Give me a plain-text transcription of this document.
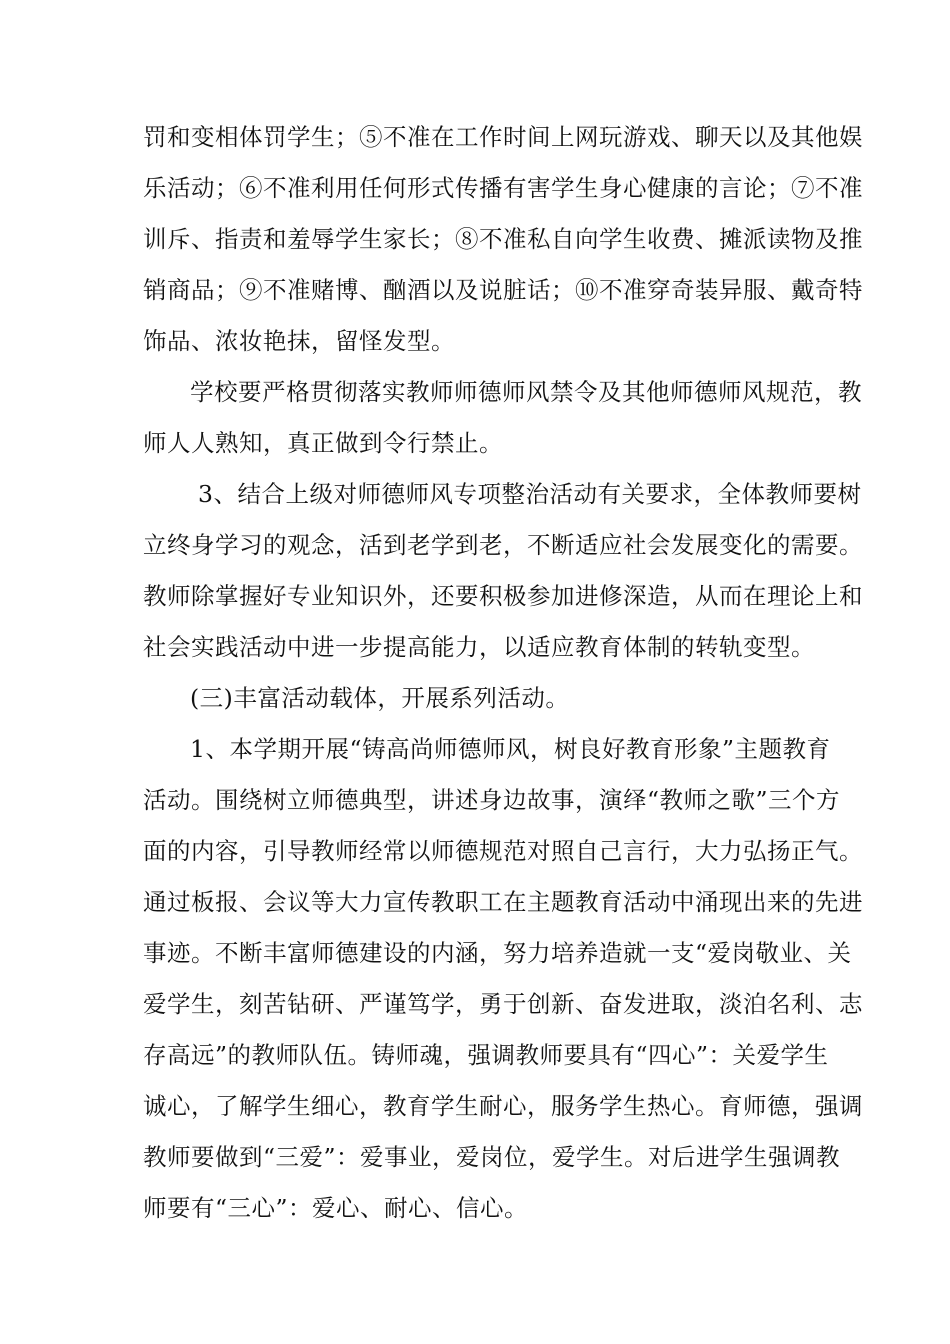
罚和变相体罚学生；⑤不准在工作时间上网玩游戏、聊天以及其他娱
乐活动；⑥不准利用任何形式传播有害学生身心健康的言论；⑦不准
训斥、指责和羞辱学生家长；⑧不准私自向学生收费、摊派读物及推
销商品；⑨不准赌博、酗酒以及说脏话；⑩不准穿奇装异服、戴奇特
饰品、浓妆艳抹，留怪发型。
学校要严格贯彻落实教师师德师风禁令及其他师德师风规范，教
师人人熟知，真正做到令行禁止。
3、结合上级对师德师风专项整治活动有关要求，全体教师要树
立终身学习的观念，活到老学到老，不断适应社会发展变化的需要。
教师除掌握好专业知识外，还要积极参加进修深造，从而在理论上和
社会实践活动中进一步提高能力，以适应教育体制的转轨变型。
(三)丰富活动载体，开展系列活动。
1、本学期开展“铸高尚师德师风，树良好教育形象”主题教育
活动。围绕树立师德典型，讲述身边故事，演绎“教师之歌”三个方
面的内容，引导教师经常以师德规范对照自己言行，大力弘扬正气。
通过板报、会议等大力宣传教职工在主题教育活动中涌现出来的先进
事迹。不断丰富师德建设的内涵，努力培养造就一支“爱岗敬业、关
爱学生，刻苦钻研、严谨笃学，勇于创新、奋发进取，淡泊名利、志
存高远”的教师队伍。铸师魂，强调教师要具有“四心”：关爱学生
诚心，了解学生细心，教育学生耐心，服务学生热心。育师德，强调
教师要做到“三爱”：爱事业，爱岗位，爱学生。对后进学生强调教
师要有“三心”：爱心、耐心、信心。
